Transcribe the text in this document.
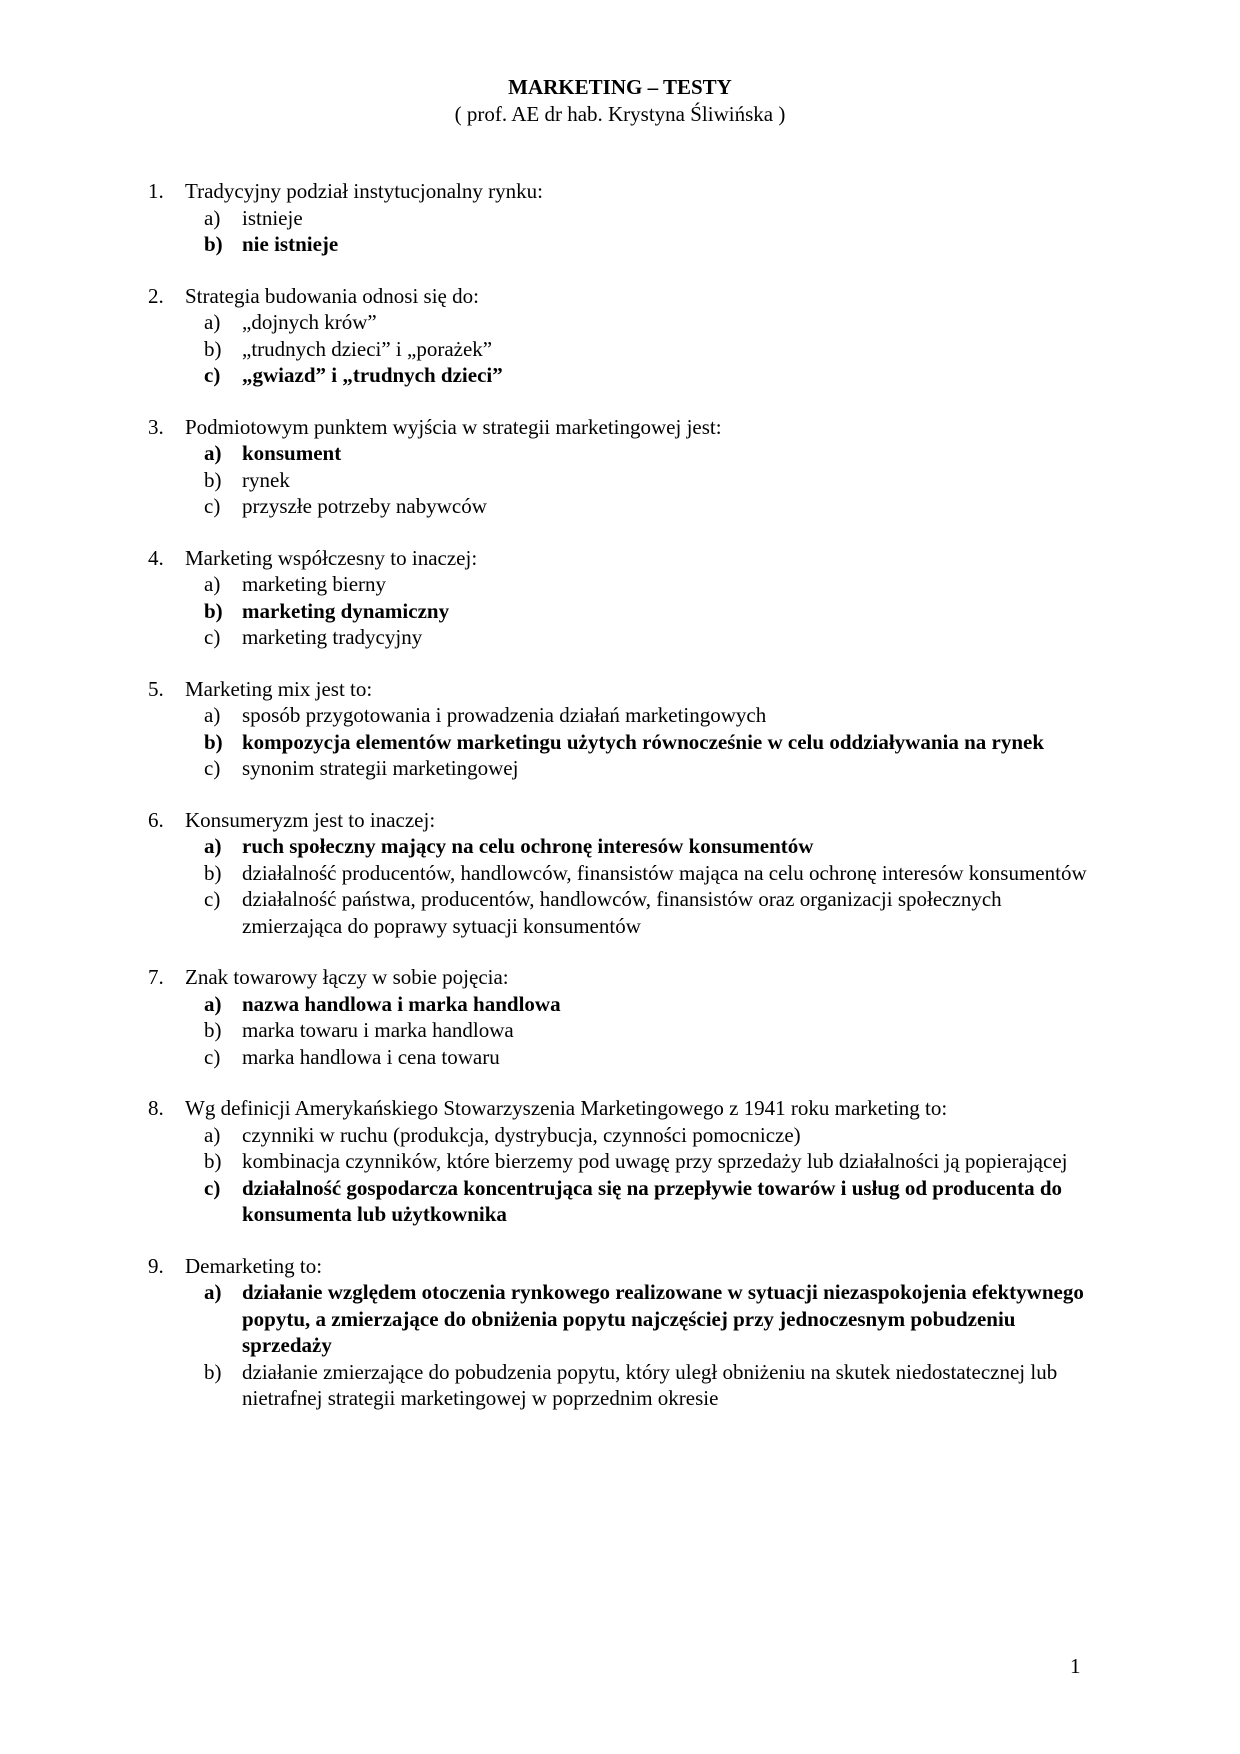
MARKETING – TESTY

( prof. AE dr hab. Krystyna Śliwińska )

1. Tradycyjny podział instytucjonalny rynku:
a) istnieje
b) nie istnieje
2. Strategia budowania odnosi się do:
a) „dojnych krów”
b) „trudnych dzieci” i „porażek”
c) „gwiazd” i „trudnych dzieci”
3. Podmiotowym punktem wyjścia w strategii marketingowej jest:
a) konsument
b) rynek
c) przyszłe potrzeby nabywców
4. Marketing współczesny to inaczej:
a) marketing bierny
b) marketing dynamiczny
c) marketing tradycyjny
5. Marketing mix jest to:
a) sposób przygotowania i prowadzenia działań marketingowych
b) kompozycja elementów marketingu użytych równocześnie w celu oddziaływania na rynek
c) synonim strategii marketingowej
6. Konsumeryzm jest to inaczej:
a) ruch społeczny mający na celu ochronę interesów konsumentów
b) działalność producentów, handlowców, finansistów mająca na celu ochronę interesów konsumentów
c) działalność państwa, producentów, handlowców, finansistów oraz organizacji społecznych zmierzająca do poprawy sytuacji konsumentów
7. Znak towarowy łączy w sobie pojęcia:
a) nazwa handlowa i marka handlowa
b) marka towaru i marka handlowa
c) marka handlowa i cena towaru
8. Wg definicji Amerykańskiego Stowarzyszenia Marketingowego z 1941 roku marketing to:
a) czynniki w ruchu (produkcja, dystrybucja, czynności pomocnicze)
b) kombinacja czynników, które bierzemy pod uwagę przy sprzedaży lub działalności ją popierającej
c) działalność gospodarcza koncentrująca się na przepływie towarów i usług od producenta do konsumenta lub użytkownika
9. Demarketing to:
a) działanie względem otoczenia rynkowego realizowane w sytuacji niezaspokojenia efektywnego popytu, a zmierzające do obniżenia popytu najczęściej przy jednoczesnym pobudzeniu sprzedaży
b) działanie zmierzające do pobudzenia popytu, który uległ obniżeniu na skutek niedostatecznej lub nietrafnej strategii marketingowej w poprzednim okresie
1
